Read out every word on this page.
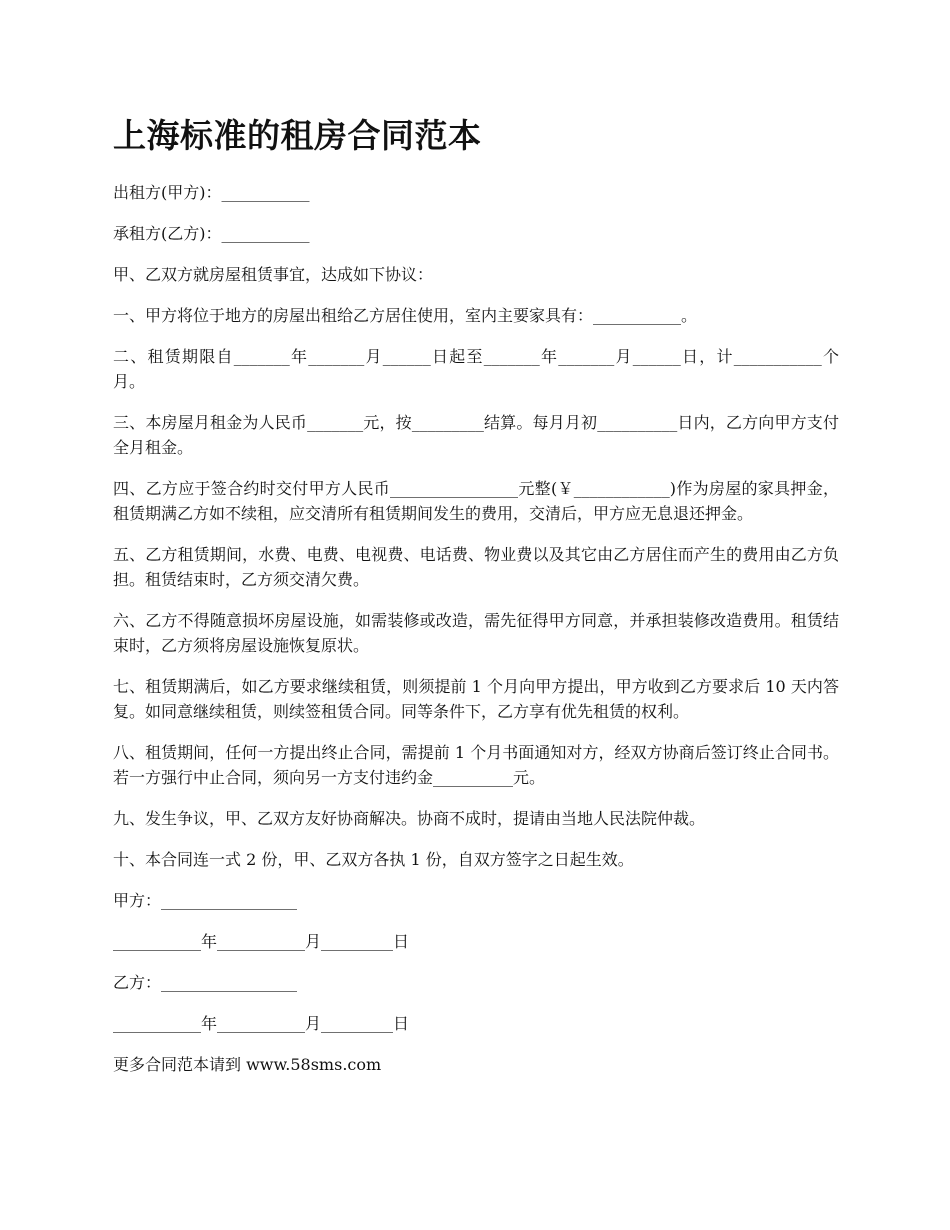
上海标准的租房合同范本

出租方(甲方)：___________

承租方(乙方)：___________

甲、乙双方就房屋租赁事宜，达成如下协议：

一、甲方将位于地方的房屋出租给乙方居住使用，室内主要家具有：___________。

二、租赁期限自_______年_______月______日起至_______年_______月______日，计___________个月。

三、本房屋月租金为人民币_______元，按_________结算。每月月初__________日内，乙方向甲方支付全月租金。

四、乙方应于签合约时交付甲方人民币________________元整(￥____________)作为房屋的家具押金，租赁期满乙方如不续租，应交清所有租赁期间发生的费用，交清后，甲方应无息退还押金。

五、乙方租赁期间，水费、电费、电视费、电话费、物业费以及其它由乙方居住而产生的费用由乙方负担。租赁结束时，乙方须交清欠费。

六、乙方不得随意损坏房屋设施，如需装修或改造，需先征得甲方同意，并承担装修改造费用。租赁结束时，乙方须将房屋设施恢复原状。

七、租赁期满后，如乙方要求继续租赁，则须提前 1 个月向甲方提出，甲方收到乙方要求后 10 天内答复。如同意继续租赁，则续签租赁合同。同等条件下，乙方享有优先租赁的权利。

八、租赁期间，任何一方提出终止合同，需提前 1 个月书面通知对方，经双方协商后签订终止合同书。若一方强行中止合同，须向另一方支付违约金__________元。

九、发生争议，甲、乙双方友好协商解决。协商不成时，提请由当地人民法院仲裁。

十、本合同连一式 2 份，甲、乙双方各执 1 份，自双方签字之日起生效。

甲方：_________________

___________年___________月_________日

乙方：_________________

___________年___________月_________日

更多合同范本请到 www.58sms.com
